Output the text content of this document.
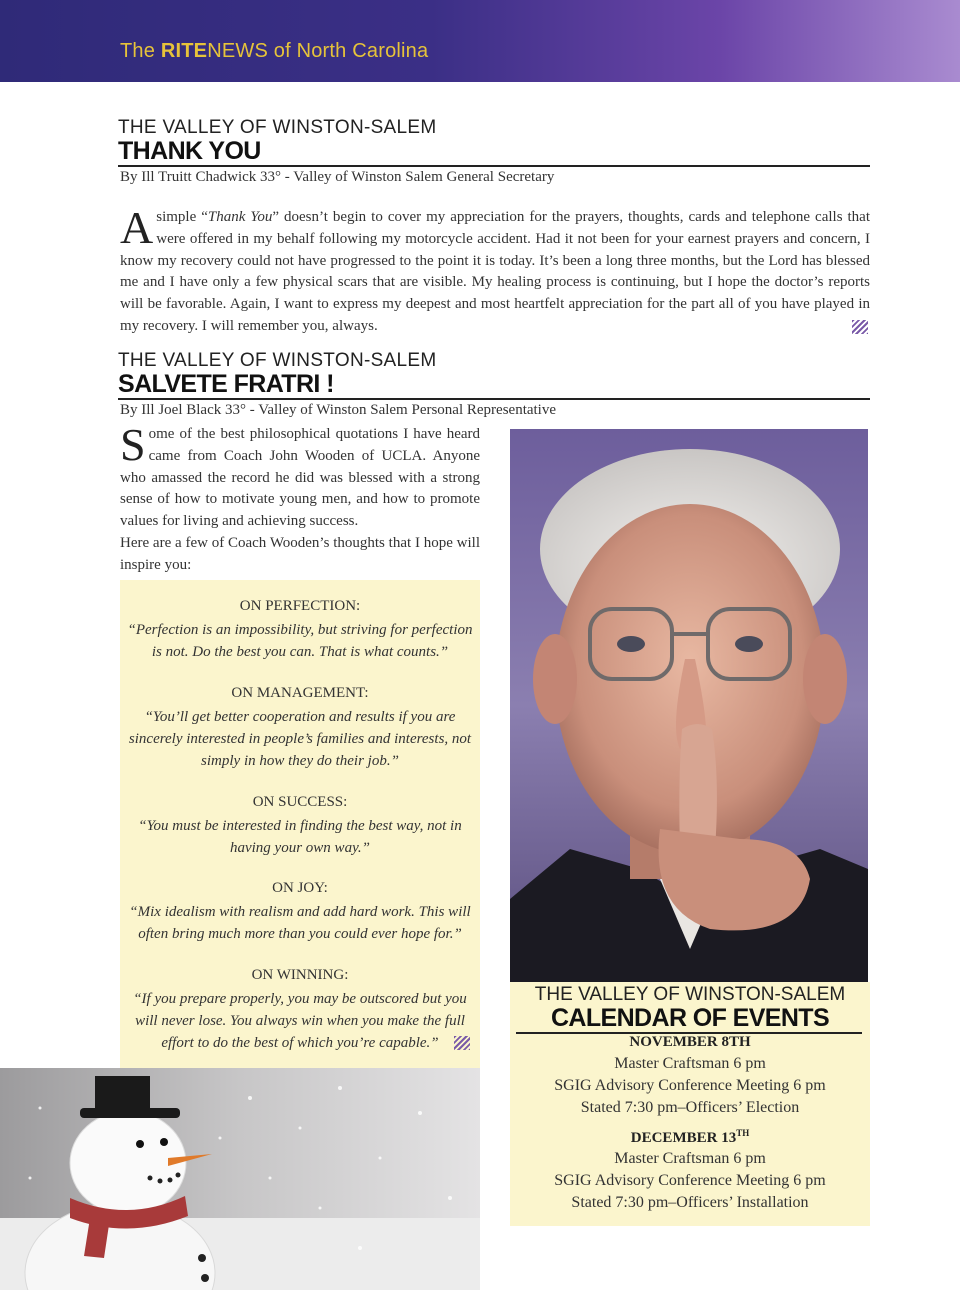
The RITENEWS of North Carolina
THE VALLEY OF WINSTON-SALEM
THANK YOU
By Ill Truitt Chadwick 33° - Valley of Winston Salem General Secretary
A simple “Thank You” doesn’t begin to cover my appreciation for the prayers, thoughts, cards and telephone calls that were offered in my behalf following my motorcycle accident. Had it not been for your earnest prayers and concern, I know my recovery could not have progressed to the point it is today. It’s been a long three months, but the Lord has blessed me and I have only a few physical scars that are visible. My healing process is continuing, but I hope the doctor’s reports will be favorable. Again, I want to express my deepest and most heartfelt appreciation for the part all of you have played in my recovery. I will remember you, always.
THE VALLEY OF WINSTON-SALEM
SALVETE FRATRI !
By Ill Joel Black 33° - Valley of Winston Salem Personal Representative
Some of the best philosophical quotations I have heard came from Coach John Wooden of UCLA. Anyone who amassed the record he did was blessed with a strong sense of how to motivate young men, and how to promote values for living and achieving success.
Here are a few of Coach Wooden’s thoughts that I hope will inspire you:
ON PERFECTION:
“Perfection is an impossibility, but striving for perfection is not. Do the best you can. That is what counts.”
ON MANAGEMENT:
“You’ll get better cooperation and results if you are sincerely interested in people’s families and interests, not simply in how they do their job.”
ON SUCCESS:
“You must be interested in finding the best way, not in having your own way.”
ON JOY:
“Mix idealism with realism and add hard work. This will often bring much more than you could ever hope for.”
ON WINNING:
“If you prepare properly, you may be outscored but you will never lose. You always win when you make the full effort to do the best of which you’re capable.”
THE VALLEY OF WINSTON-SALEM
CALENDAR OF EVENTS
NOVEMBER 8TH
Master Craftsman 6 pm
SGIG Advisory Conference Meeting 6 pm
Stated 7:30 pm–Officers’ Election
DECEMBER 13TH
Master Craftsman 6 pm
SGIG Advisory Conference Meeting 6 pm
Stated 7:30 pm–Officers’ Installation
